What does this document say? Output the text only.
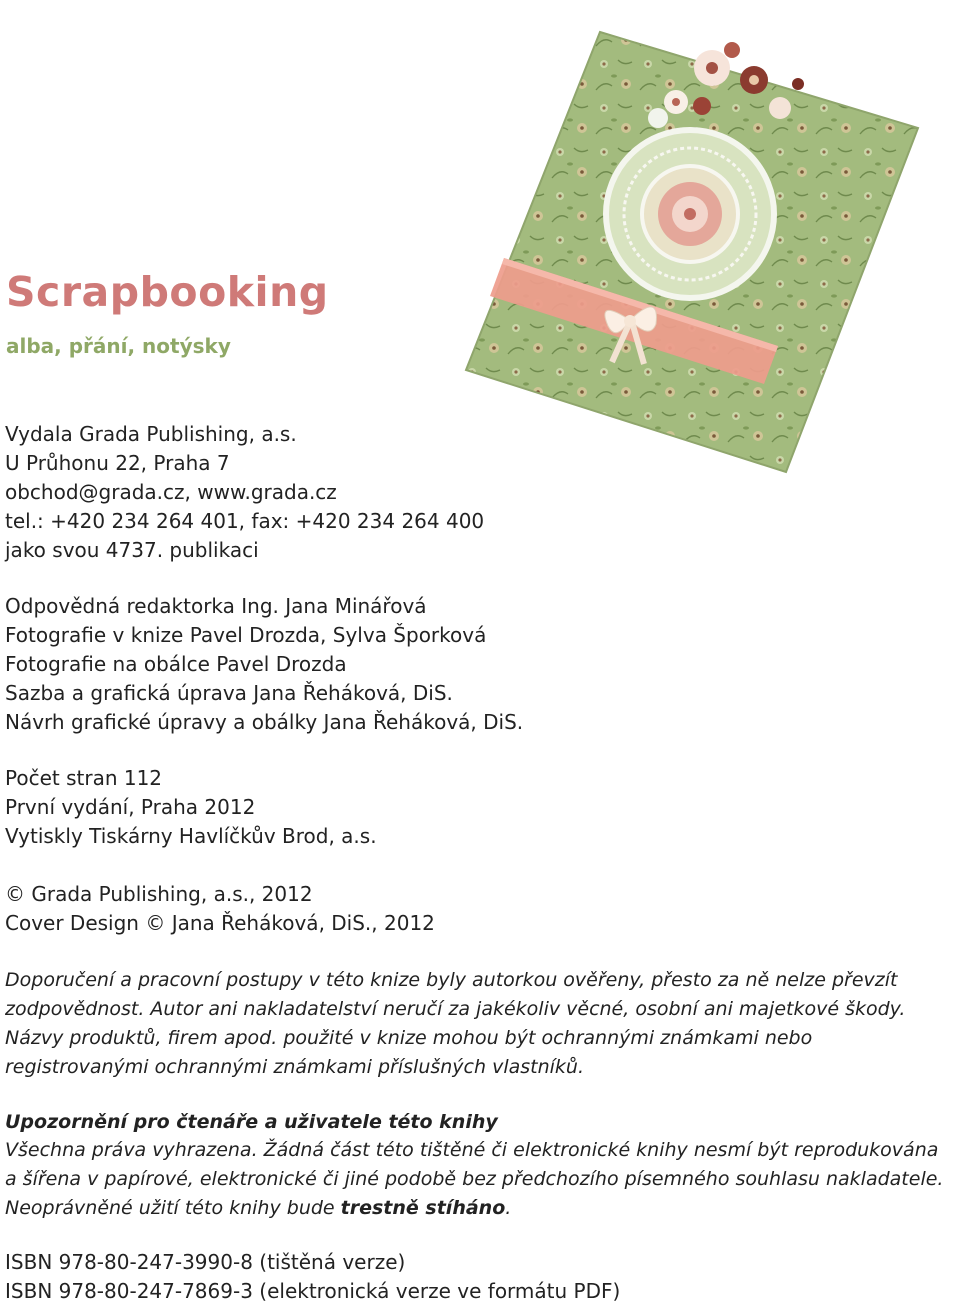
Scrapbooking
alba, přání, notýsky
Vydala Grada Publishing, a.s.
U Průhonu 22, Praha 7
obchod@grada.cz, www.grada.cz
tel.: +420 234 264 401, fax: +420 234 264 400
jako svou 4737. publikaci
Odpovědná redaktorka Ing. Jana Minářová
Fotografie v knize Pavel Drozda, Sylva Šporková
Fotografie na obálce Pavel Drozda
Sazba a grafická úprava Jana Řeháková, DiS.
Návrh grafické úpravy a obálky Jana Řeháková, DiS.
Počet stran 112
První vydání, Praha 2012
Vytiskly Tiskárny Havlíčkův Brod, a.s.
© Grada Publishing, a.s., 2012
Cover Design © Jana Řeháková, DiS., 2012
Doporučení a pracovní postupy v této knize byly autorkou ověřeny, přesto za ně nelze převzít
zodpovědnost. Autor ani nakladatelství neručí za jakékoliv věcné, osobní ani majetkové škody.
Názvy produktů, firem apod. použité v knize mohou být ochrannými známkami nebo
registrovanými ochrannými známkami příslušných vlastníků.
Upozornění pro čtenáře a uživatele této knihy
Všechna práva vyhrazena. Žádná část této tištěné či elektronické knihy nesmí být reprodukována
a šířena v papírové, elektronické či jiné podobě bez předchozího písemného souhlasu nakladatele.
Neoprávněné užití této knihy bude trestně stíháno.
ISBN 978-80-247-3990-8 (tištěná verze)
ISBN 978-80-247-7869-3 (elektronická verze ve formátu PDF)
